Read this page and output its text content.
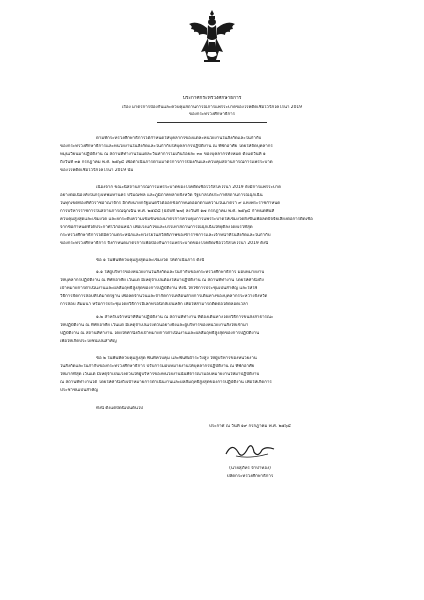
ประกาศกระทรวงศึกษาธิการ
เรื่อง มาตรการป้องกันและควบคุมสถานการณ์การแพร่ระบาดของโรคติดเชื้อไวรัสโคโรนา 2019
ของกระทรวงศึกษาธิการ
ตามที่กระทรวงศึกษาธิการได้กำหนดให้บุคลากรของแต่ละหน่วยงานในสังกัดและในกำกับ
ของกระทรวงศึกษาธิการและหน่วยงานในสังกัดและในกำกับให้บุคลากรปฏิบัติงาน ณ ที่พักอาศัย โดยให้จัดบุคลากร
หมุนเวียนมาปฏิบัติงาน ณ สถานที่ทำงานในแต่ละวันทำการไม่เกินร้อยละ ๓๐ ของบุคลากรทั้งหมด ตั้งแต่วันที่ ๑
ถึงวันที่ ๓๑ กรกฎาคม พ.ศ. ๒๕๖๔ เพื่อดำเนินการตามมาตรการการป้องกันและควบคุมสถานการณ์การแพร่ระบาด
ของโรคติดเชื้อไวรัสโคโรนา 2019 นั้น
เนื่องจาก ขณะนี้สถานการณ์การแพร่ระบาดของโรคติดเชื้อไวรัสโคโรนา 2019 ยังมีการแพร่ระบาด
อย่างต่อเนื่องทั้งในกรุงเทพมหานคร ปริมณฑล และภูมิภาคหลายจังหวัด รัฐบาลได้ประกาศสถานการณ์ฉุกเฉิน
ในทุกเขตท้องที่ทั่วราชอาณาจักร อีกทั้งนายกรัฐมนตรีได้ออกข้อกำหนดออกตามความในมาตรา ๙ แห่งพระราชกำหนด
การบริหารราชการในสถานการณ์ฉุกเฉิน พ.ศ. ๒๕๔๘ (ฉบับที่ ๒๗) ลงวันที่ ๑๗ กรกฎาคม พ.ศ. ๒๕๖๔ กำหนดพื้นที่
ควบคุมสูงสุดและเข้มงวด และยกระดับความเข้มข้นของมาตรการควบคุมการแพร่ระบาดให้เข้มงวดยิ่งขึ้นเพื่อลดปัจจัยเสี่ยงต่อการติดเชื้อ
จากข้อกำหนดที่ได้ประกาศไว้ก่อนหน้า เพื่อเร่งแก้ไขและบรรเทาสถานการณ์ฉุกเฉินให้ยุติลงโดยเร็วที่สุด
กระทรวงศึกษาธิการได้มีความตระหนักและห่วงใยในสวัสดิภาพของข้าราชการและเจ้าหน้าที่ในสังกัดและในกำกับ
ของกระทรวงศึกษาธิการ จึงกำหนดมาตรการเพื่อป้องกันการแพร่ระบาดของโรคติดเชื้อไวรัสโคโรนา 2019 ดังนี้
ข้อ ๑ ในพื้นที่ควบคุมสูงสุดและเข้มงวด ให้ดำเนินการ ดังนี้
๑.๑ ให้ผู้บริหารของหน่วยงานในสังกัดและในกำกับของกระทรวงศึกษาธิการ มอบหมายงาน
ให้บุคลากรปฏิบัติงาน ณ ที่พักอาศัย เว้นแต่ มีเหตุจำเป็นต้องให้มาปฏิบัติงาน ณ สถานที่ทำงาน โดยให้คำนึงถึง
เป้าหมายการดำเนินงานและผลสัมฤทธิ์สูงสุดของการปฏิบัติงาน ทั้งนี้ ให้ใช้การประชุมเป็นสำคัญ และให้ใช้
วิธีการจัดการสอบที่ได้มาตรฐาน เพื่อลดจำนวนและจำกัดการเคลื่อนย้ายการเดินทางของบุคลากรระหว่างจังหวัด
การสอบ สัมมนา หรือการประชุมโดยวิธีการอิเล็กทรอนิกส์เป็นหลัก เพื่อให้สามารถติดต่อได้ตลอดเวลา
๑.๒ สำหรับเจ้าหน้าที่ที่มาปฏิบัติงาน ณ สถานที่ทำงาน ที่ต้องเดินทางโดยวิธีการขนส่งสาธารณะ
ให้ปฏิบัติงาน ณ ที่พักอาศัย เว้นแต่ มีเหตุจำเป็นเร่งด่วนอย่างยิ่งและผู้บริหารของหน่วยงานสั่งให้เข้ามา
ปฏิบัติงาน ณ สถานที่ทำงาน โดยให้คำนึงถึงเป้าหมายการดำเนินงานและผลสัมฤทธิ์สูงสุดของการปฏิบัติงาน
เพื่อให้เกิดประโยชน์เป็นสำคัญ
ข้อ ๒ ในพื้นที่ควบคุมสูงสุด พื้นที่ควบคุม และพื้นที่เฝ้าระวังสูง ให้ผู้บริหารของหน่วยงาน
ในสังกัดและในกำกับของกระทรวงศึกษาธิการ ปรับการมอบหมายงานให้บุคลากรปฏิบัติงาน ณ ที่พักอาศัย
ให้มากที่สุด เว้นแต่ มีเหตุจำเป็นเร่งด่วนให้ผู้บริหารของหน่วยงานนั้นพิจารณามอบหมายงานให้มาปฏิบัติงาน
ณ สถานที่ทำงานได้ โดยให้คำนึงถึงเป้าหมายการดำเนินงานและผลสัมฤทธิ์สูงสุดของการปฏิบัติงาน เพื่อให้เกิดการ
ประชาชนเป็นสำคัญ
ทั้งนี้ ตั้งแต่บัดนี้เป็นต้นไป
ประกาศ ณ วันที่ ๑๙ กรกฎาคม พ.ศ. ๒๕๖๔
(นายสุภัทร จำปาทอง)
ปลัดกระทรวงศึกษาธิการ
